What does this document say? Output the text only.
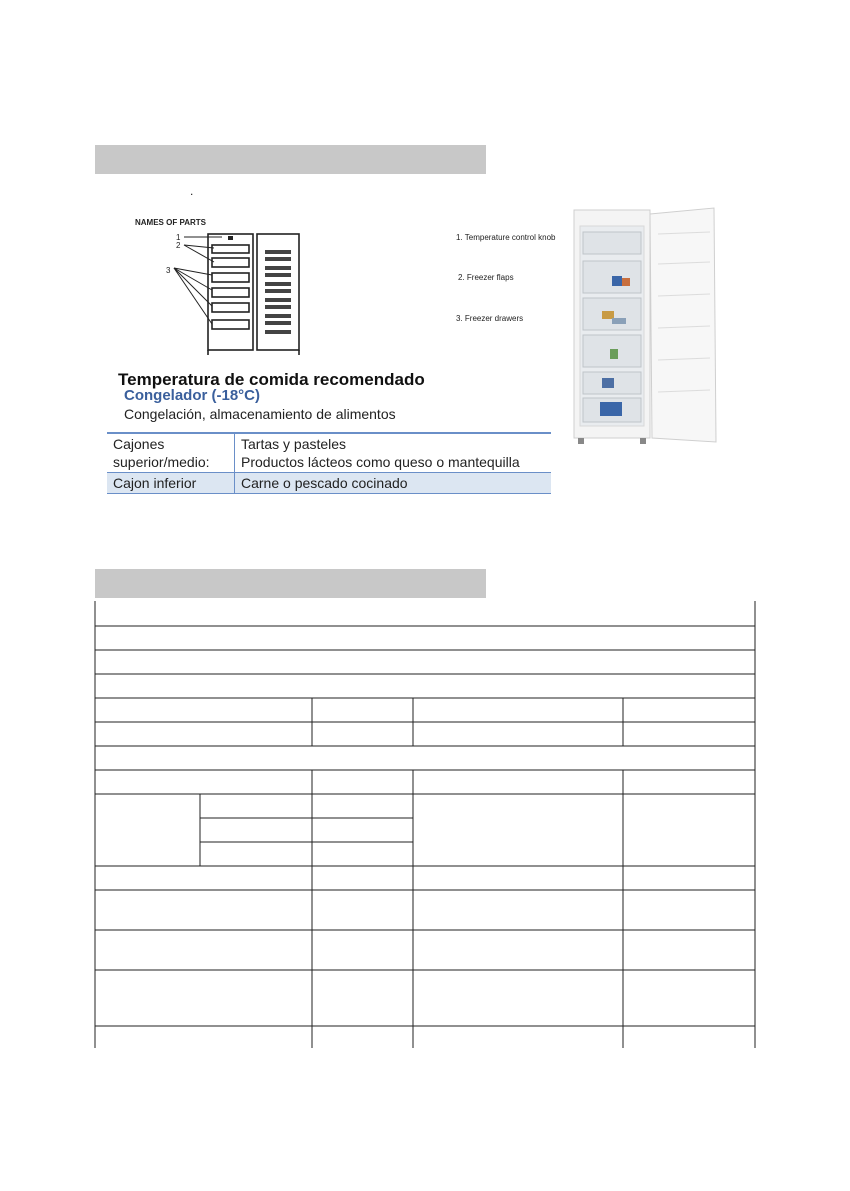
.
NAMES OF PARTS
1
2
3
1. Temperature control knob
2. Freezer flaps
3. Freezer drawers
Temperatura de comida recomendado
Congelador (-18°C)
Congelación, almacenamiento de alimentos
Cajones
superior/medio:	Tartas y pasteles
Productos lácteos como queso o mantequilla
Cajon inferior	Carne o pescado cocinado
